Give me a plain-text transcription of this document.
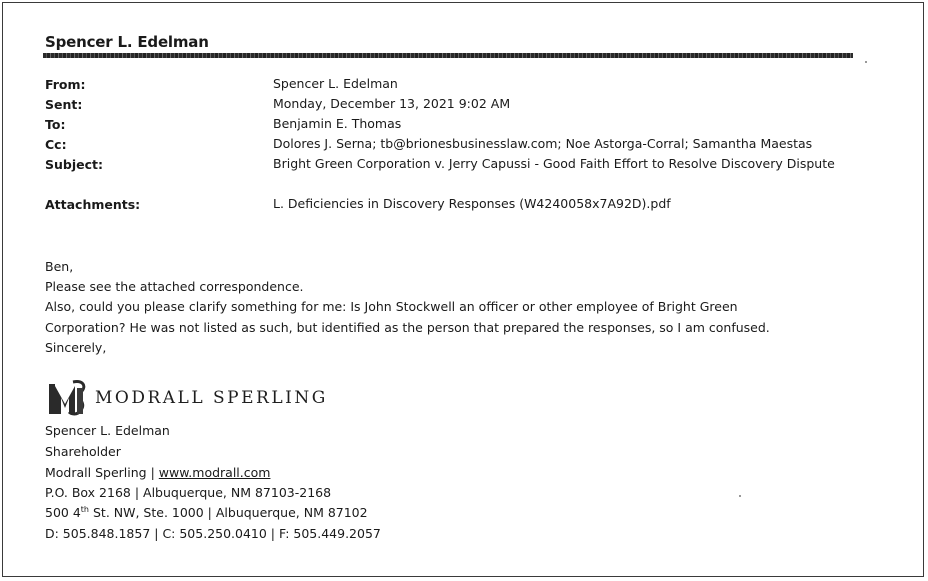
Spencer L. Edelman
From:	Spencer L. Edelman
Sent:	Monday, December 13, 2021 9:02 AM
To:	Benjamin E. Thomas
Cc:	Dolores J. Serna; tb@brionesbusinesslaw.com; Noe Astorga-Corral; Samantha Maestas
Subject:	Bright Green Corporation v. Jerry Capussi - Good Faith Effort to Resolve Discovery Dispute
Attachments:	L. Deficiencies in Discovery Responses (W4240058x7A92D).pdf
Ben,
Please see the attached correspondence.
Also, could you please clarify something for me: Is John Stockwell an officer or other employee of Bright Green
Corporation? He was not listed as such, but identified as the person that prepared the responses, so I am confused.
Sincerely,
MODRALL SPERLING
Spencer L. Edelman
Shareholder
Modrall Sperling | www.modrall.com
P.O. Box 2168 | Albuquerque, NM 87103-2168
500 4th St. NW, Ste. 1000 | Albuquerque, NM 87102
D: 505.848.1857 | C: 505.250.0410 | F: 505.449.2057
